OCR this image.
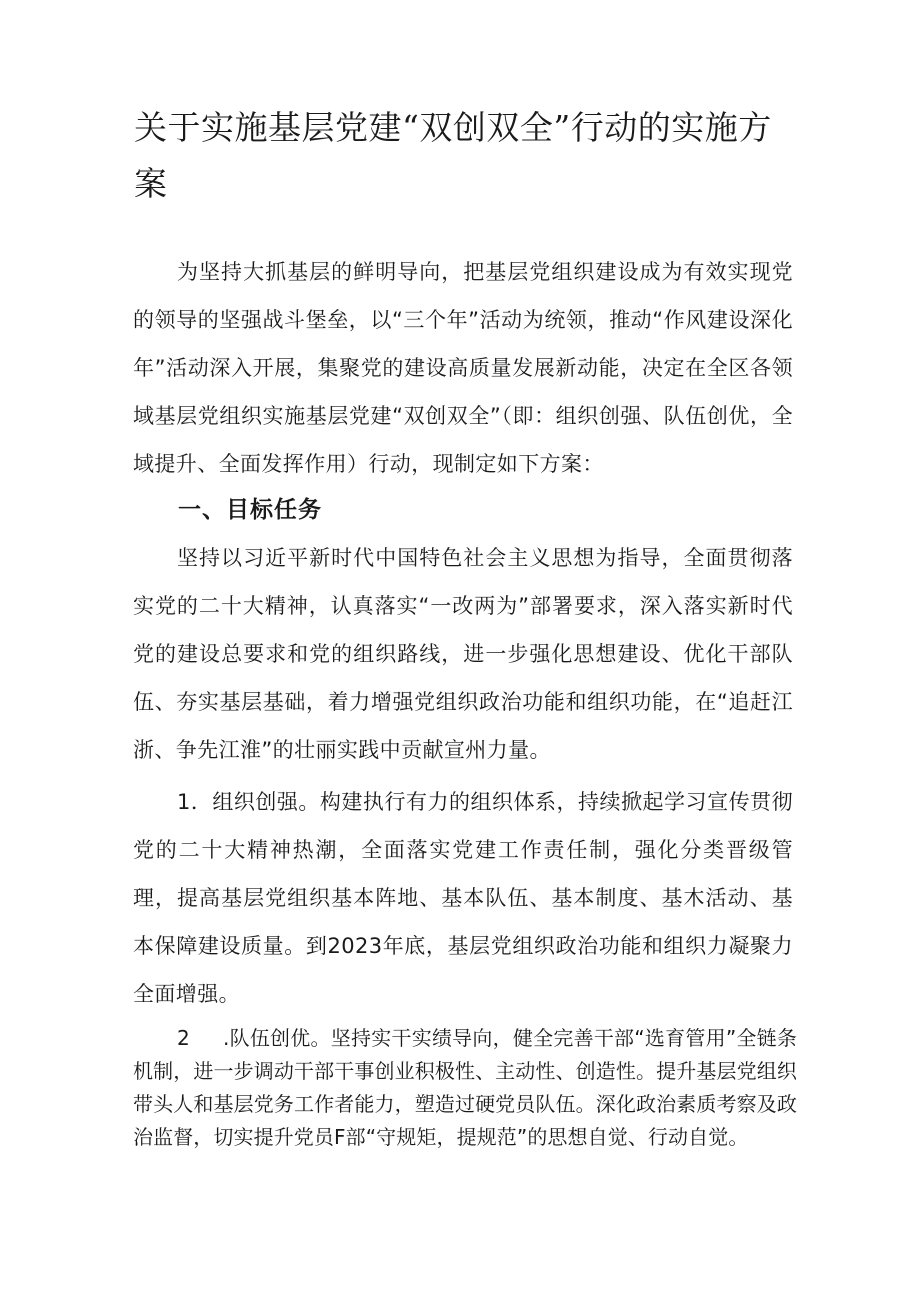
关于实施基层党建“双创双全”行动的实施方案

为坚持大抓基层的鲜明导向，把基层党组织建设成为有效实现党的领导的坚强战斗堡垒，以“三个年”活动为统领，推动“作风建设深化年”活动深入开展，集聚党的建设高质量发展新动能，决定在全区各领域基层党组织实施基层党建“双创双全”（即：组织创强、队伍创优，全域提升、全面发挥作用）行动，现制定如下方案：

一、目标任务

坚持以习近平新时代中国特色社会主义思想为指导，全面贯彻落实党的二十大精神，认真落实“一改两为”部署要求，深入落实新时代党的建设总要求和党的组织路线，进一步强化思想建设、优化干部队伍、夯实基层基础，着力增强党组织政治功能和组织功能，在“追赶江浙、争先江淮”的壮丽实践中贡献宣州力量。

1．组织创强。构建执行有力的组织体系，持续掀起学习宣传贯彻党的二十大精神热潮，全面落实党建工作责任制，强化分类晋级管理，提高基层党组织基本阵地、基本队伍、基本制度、基木活动、基本保障建设质量。到2023年底，基层党组织政治功能和组织力凝聚力全面增强。

2 .队伍创优。坚持实干实绩导向，健全完善干部“选育管用”全链条机制，进一步调动干部干事创业积极性、主动性、创造性。提升基层党组织带头人和基层党务工作者能力，塑造过硬党员队伍。深化政治素质考察及政治监督，切实提升党员F部“守规矩，提规范”的思想自觉、行动自觉。
